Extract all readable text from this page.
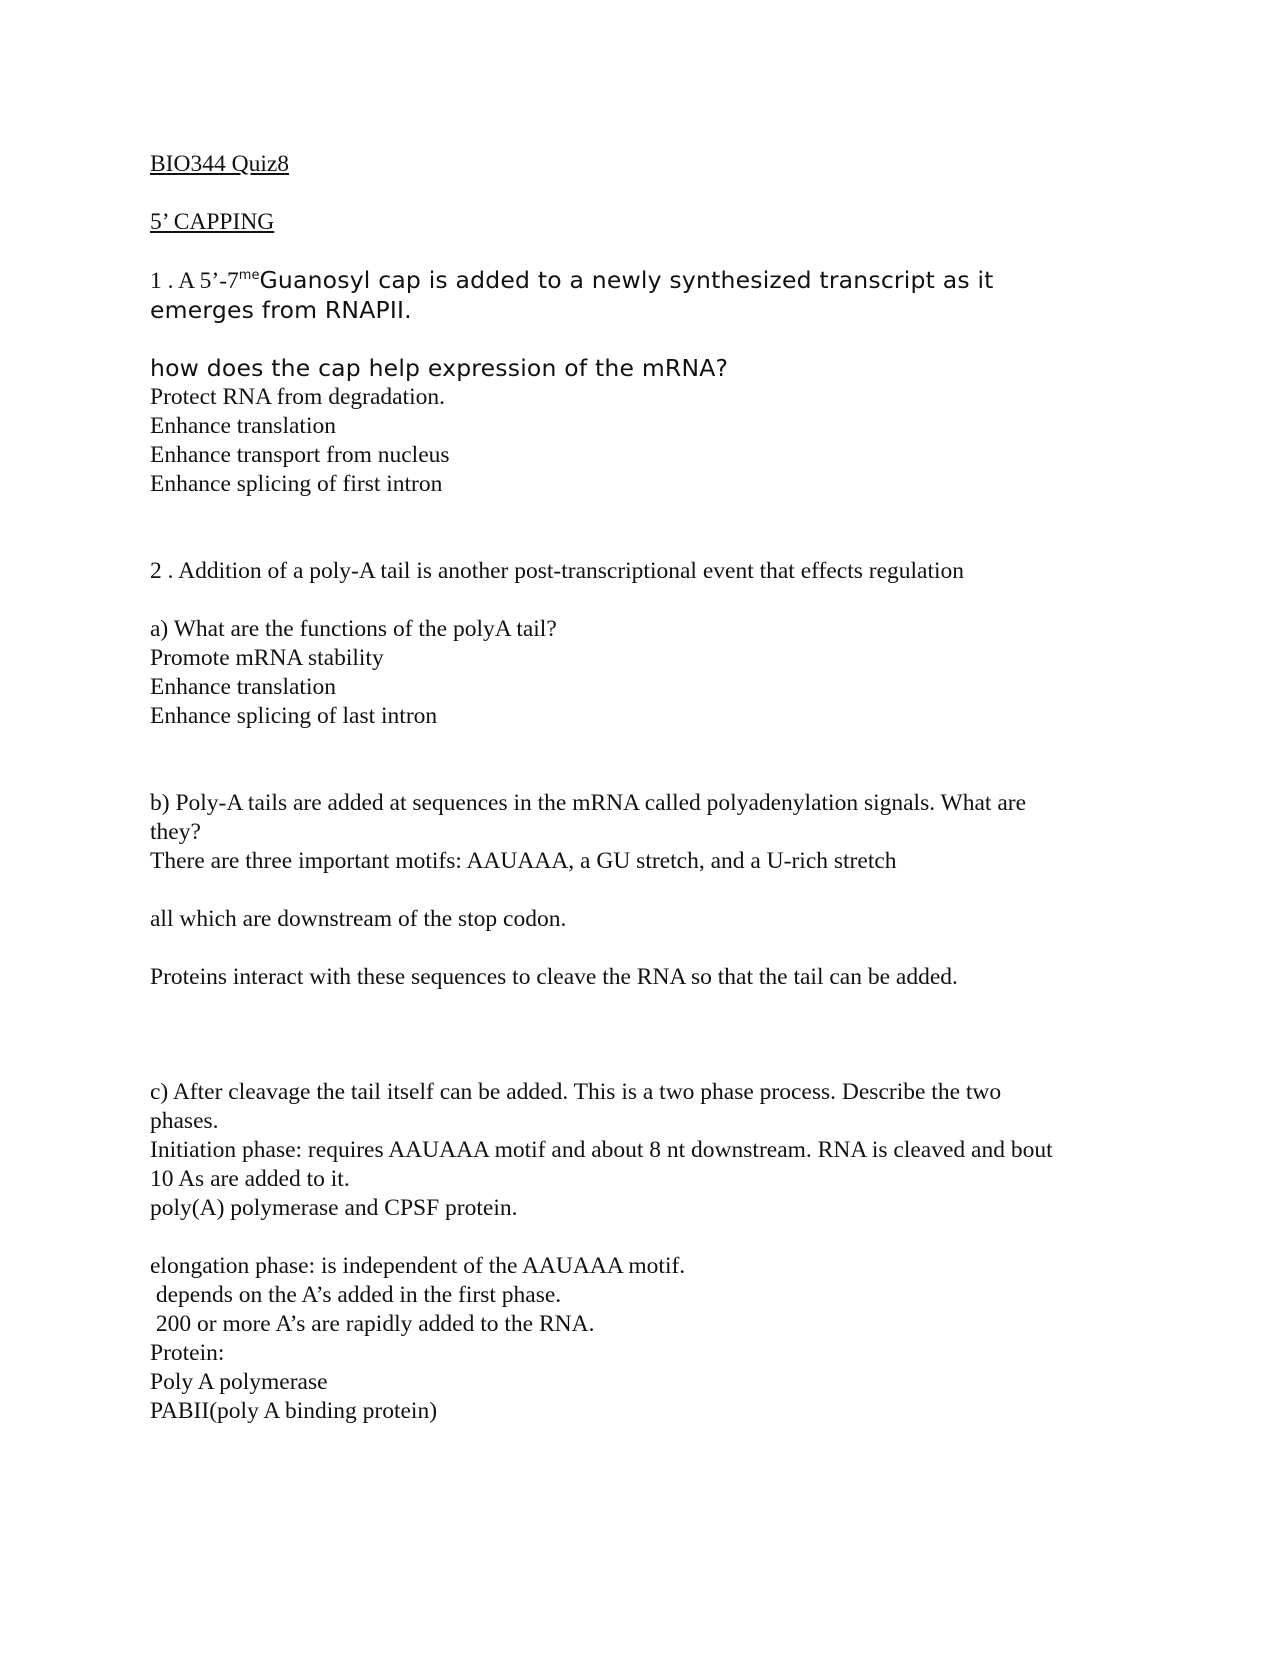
BIO344 Quiz8

5’ CAPPING

1 . A $5’-7^{me}Guanosyl$ cap is added to a newly synthesized transcript as it

emerges from RNAPII.

how does the cap help expression of the mRNA?

Protect RNA from degradation.

Enhance translation

Enhance transport from nucleus

Enhance splicing of first intron

2 . Addition of a poly-A tail is another post-transcriptional event that effects regulation

a) What are the functions of the polyA tail?

Promote mRNA stability

Enhance translation

Enhance splicing of last intron

b) Poly-A tails are added at sequences in the mRNA called polyadenylation signals. What are

they?

There are three important motifs: AAUAAA, a GU stretch, and a U-rich stretch

all which are downstream of the stop codon.

Proteins interact with these sequences to cleave the RNA so that the tail can be added.

c) After cleavage the tail itself can be added. This is a two phase process. Describe the two

phases.

Initiation phase: requires AAUAAA motif and about 8 nt downstream. RNA is cleaved and bout

10 As are added to it.

poly(A) polymerase and CPSF protein.

elongation phase: is independent of the AAUAAA motif.

depends on the A’s added in the first phase.

200 or more A’s are rapidly added to the RNA.

Protein:

Poly A polymerase

PABII(poly A binding protein)
